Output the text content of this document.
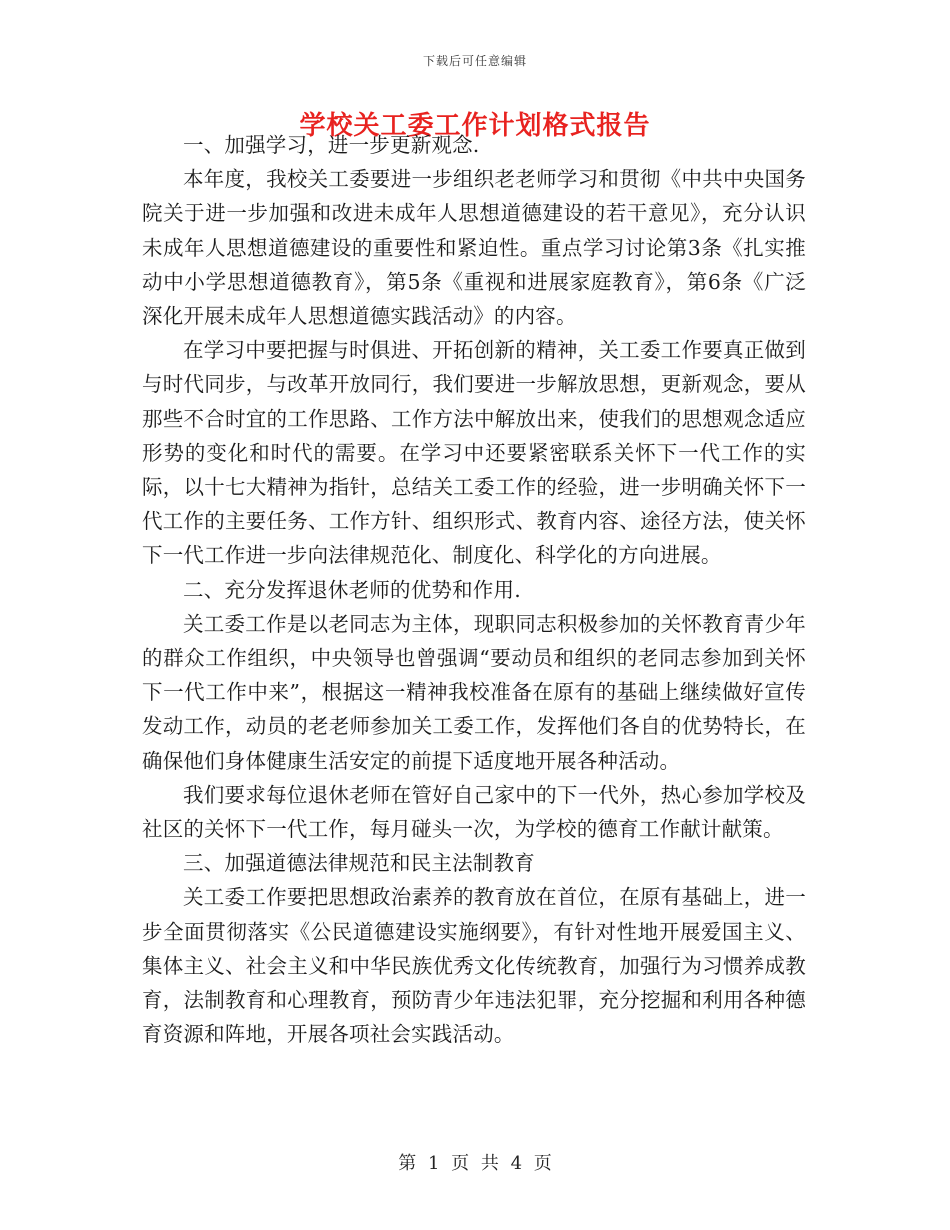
下载后可任意编辑
学校关工委工作计划格式报告

一、加强学习，进一步更新观念.

本年度，我校关工委要进一步组织老老师学习和贯彻《中共中央国务院关于进一步加强和改进未成年人思想道德建设的若干意见》，充分认识未成年人思想道德建设的重要性和紧迫性。重点学习讨论第3条《扎实推动中小学思想道德教育》，第5条《重视和进展家庭教育》，第6条《广泛深化开展未成年人思想道德实践活动》的内容。

在学习中要把握与时俱进、开拓创新的精神，关工委工作要真正做到与时代同步，与改革开放同行，我们要进一步解放思想，更新观念，要从那些不合时宜的工作思路、工作方法中解放出来，使我们的思想观念适应形势的变化和时代的需要。在学习中还要紧密联系关怀下一代工作的实际，以十七大精神为指针，总结关工委工作的经验，进一步明确关怀下一代工作的主要任务、工作方针、组织形式、教育内容、途径方法，使关怀下一代工作进一步向法律规范化、制度化、科学化的方向进展。

二、充分发挥退休老师的优势和作用.

关工委工作是以老同志为主体，现职同志积极参加的关怀教育青少年的群众工作组织，中央领导也曾强调“要动员和组织的老同志参加到关怀下一代工作中来”，根据这一精神我校准备在原有的基础上继续做好宣传发动工作，动员的老老师参加关工委工作，发挥他们各自的优势特长，在确保他们身体健康生活安定的前提下适度地开展各种活动。

我们要求每位退休老师在管好自己家中的下一代外，热心参加学校及社区的关怀下一代工作，每月碰头一次，为学校的德育工作献计献策。

三、加强道德法律规范和民主法制教育

关工委工作要把思想政治素养的教育放在首位，在原有基础上，进一步全面贯彻落实《公民道德建设实施纲要》，有针对性地开展爱国主义、集体主义、社会主义和中华民族优秀文化传统教育，加强行为习惯养成教育，法制教育和心理教育，预防青少年违法犯罪，充分挖掘和利用各种德育资源和阵地，开展各项社会实践活动。

第 1 页 共 4 页
